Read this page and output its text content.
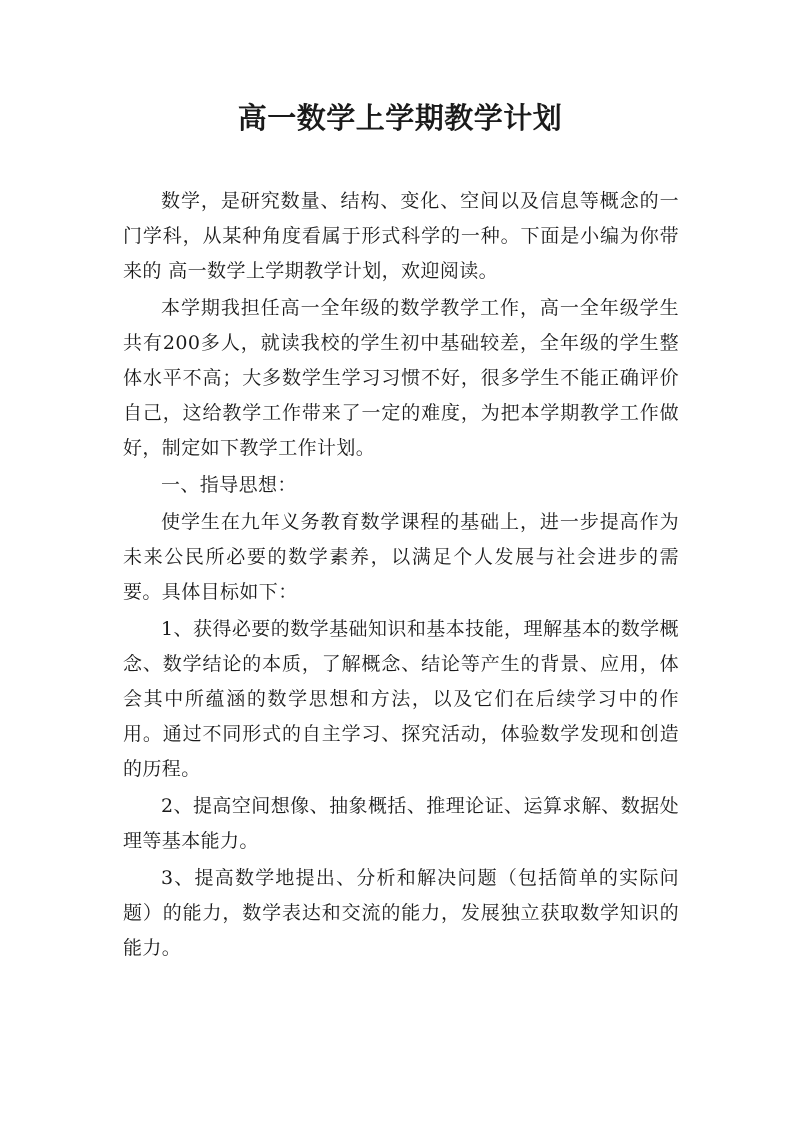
高一数学上学期教学计划

数学，是研究数量、结构、变化、空间以及信息等概念的一门学科，从某种角度看属于形式科学的一种。下面是小编为你带来的 高一数学上学期教学计划，欢迎阅读。

本学期我担任高一全年级的数学教学工作，高一全年级学生共有200多人，就读我校的学生初中基础较差，全年级的学生整体水平不高；大多数学生学习习惯不好，很多学生不能正确评价自己，这给教学工作带来了一定的难度，为把本学期教学工作做好，制定如下教学工作计划。

一、指导思想：

使学生在九年义务教育数学课程的基础上，进一步提高作为未来公民所必要的数学素养，以满足个人发展与社会进步的需要。具体目标如下：

1、获得必要的数学基础知识和基本技能，理解基本的数学概念、数学结论的本质，了解概念、结论等产生的背景、应用，体会其中所蕴涵的数学思想和方法，以及它们在后续学习中的作用。通过不同形式的自主学习、探究活动，体验数学发现和创造的历程。

2、提高空间想像、抽象概括、推理论证、运算求解、数据处理等基本能力。

3、提高数学地提出、分析和解决问题（包括简单的实际问题）的能力，数学表达和交流的能力，发展独立获取数学知识的能力。
